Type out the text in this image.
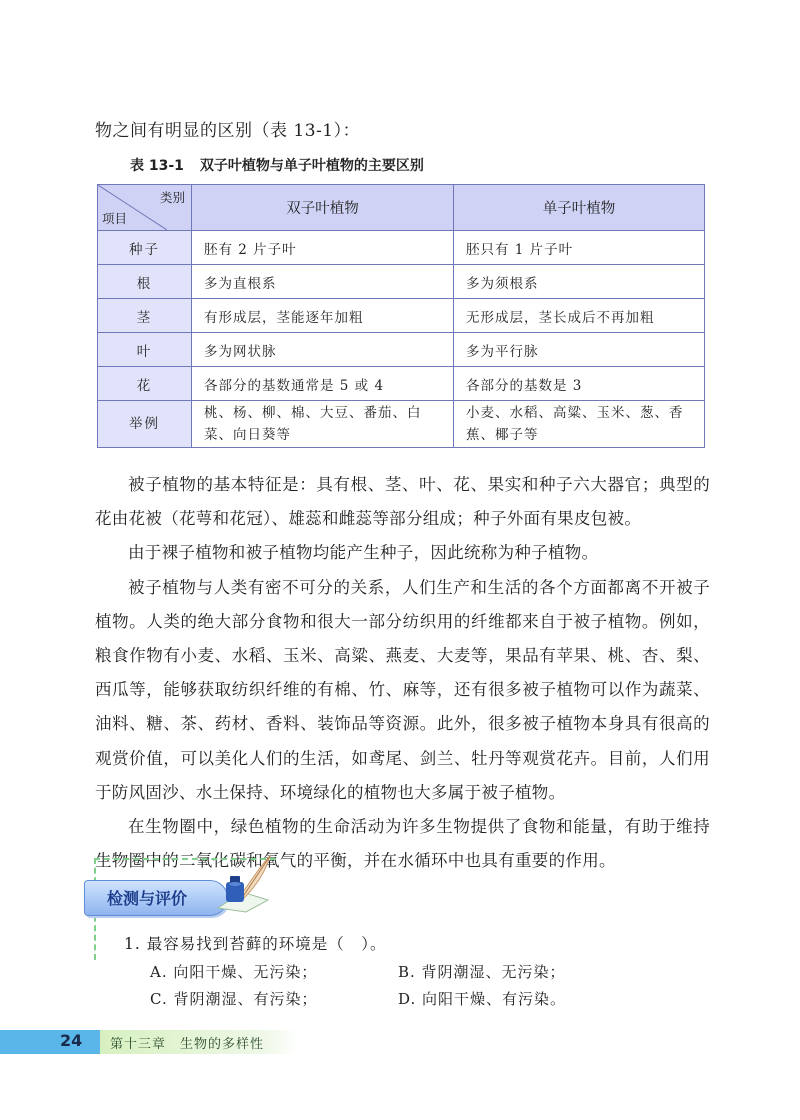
物之间有明显的区别（表 13-1）：
表 13-1 双子叶植物与单子叶植物的主要区别
类别
项目	双子叶植物	单子叶植物
种子	胚有 2 片子叶	胚只有 1 片子叶
根	多为直根系	多为须根系
茎	有形成层，茎能逐年加粗	无形成层，茎长成后不再加粗
叶	多为网状脉	多为平行脉
花	各部分的基数通常是 5 或 4	各部分的基数是 3
举例	桃、杨、柳、棉、大豆、番茄、白菜、向日葵等	小麦、水稻、高粱、玉米、葱、香蕉、椰子等

被子植物的基本特征是：具有根、茎、叶、花、果实和种子六大器官；典型的花由花被（花萼和花冠）、雄蕊和雌蕊等部分组成；种子外面有果皮包被。

由于裸子植物和被子植物均能产生种子，因此统称为种子植物。

被子植物与人类有密不可分的关系，人们生产和生活的各个方面都离不开被子植物。人类的绝大部分食物和很大一部分纺织用的纤维都来自于被子植物。例如，粮食作物有小麦、水稻、玉米、高粱、燕麦、大麦等，果品有苹果、桃、杏、梨、西瓜等，能够获取纺织纤维的有棉、竹、麻等，还有很多被子植物可以作为蔬菜、油料、糖、茶、药材、香料、装饰品等资源。此外，很多被子植物本身具有很高的观赏价值，可以美化人们的生活，如鸢尾、剑兰、牡丹等观赏花卉。目前，人们用于防风固沙、水土保持、环境绿化的植物也大多属于被子植物。

在生物圈中，绿色植物的生命活动为许多生物提供了食物和能量，有助于维持生物圈中的二氧化碳和氧气的平衡，并在水循环中也具有重要的作用。

检测与评价
1. 最容易找到苔藓的环境是（　）。
A. 向阳干燥、无污染；	B. 背阴潮湿、无污染；
C. 背阴潮湿、有污染；	D. 向阳干燥、有污染。
24 第十三章　生物的多样性
